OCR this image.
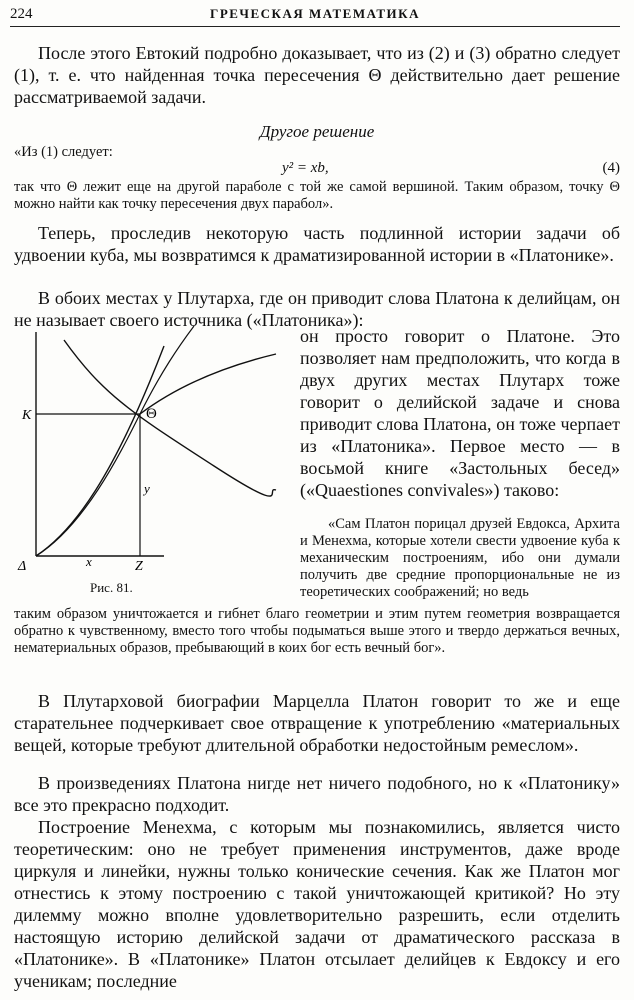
224	ГРЕЧЕСКАЯ МАТЕМАТИКА

После этого Евтокий подробно доказывает, что из (2) и (3) обратно следует (1), т. е. что найденная точка пересечения Θ действительно дает решение рассматриваемой задачи.

Другое решение
«Из (1) следует:
y² = xb,	(4)

так что Θ лежит еще на другой параболе с той же самой вершиной. Таким образом, точку Θ можно найти как точку пересечения двух парабол».

Теперь, проследив некоторую часть подлинной истории задачи об удвоении куба, мы возвратимся к драматизированной истории в «Платонике».

В обоих местах у Плутарха, где он приводит слова Платона к делийцам, он не называет своего источника («Платоника»):

он просто говорит о Платоне. Это позволяет нам предположить, что когда в двух других местах Плутарх тоже говорит о делийской задаче и снова приводит слова Платона, он тоже черпает из «Платоника». Первое место — в восьмой книге «Застольных бесед» («Quaestiones convivales») таково:

K	Θ
y
Δ	x	Z
Рис. 81.

«Сам Платон порицал друзей Евдокса, Архита и Менехма, которые хотели свести удвоение куба к механическим построениям, ибо они думали получить две средние пропорциональные не из теоретических соображений; но ведь

таким образом уничтожается и гибнет благо геометрии и этим путем геометрия возвращается обратно к чувственному, вместо того чтобы подыматься выше этого и твердо держаться вечных, нематериальных образов, пребывающий в коих бог есть вечный бог».

В Плутарховой биографии Марцелла Платон говорит то же и еще старательнее подчеркивает свое отвращение к употреблению «материальных вещей, которые требуют длительной обработки недостойным ремеслом».

В произведениях Платона нигде нет ничего подобного, но к «Платонику» все это прекрасно подходит.

Построение Менехма, с которым мы познакомились, является чисто теоретическим: оно не требует применения инструментов, даже вроде циркуля и линейки, нужны только конические сечения. Как же Платон мог отнестись к этому построению с такой уничтожающей критикой? Но эту дилемму можно вполне удовлетворительно разрешить, если отделить настоящую историю делийской задачи от драматического рассказа в «Платонике». В «Платонике» Платон отсылает делийцев к Евдоксу и его ученикам; последние
